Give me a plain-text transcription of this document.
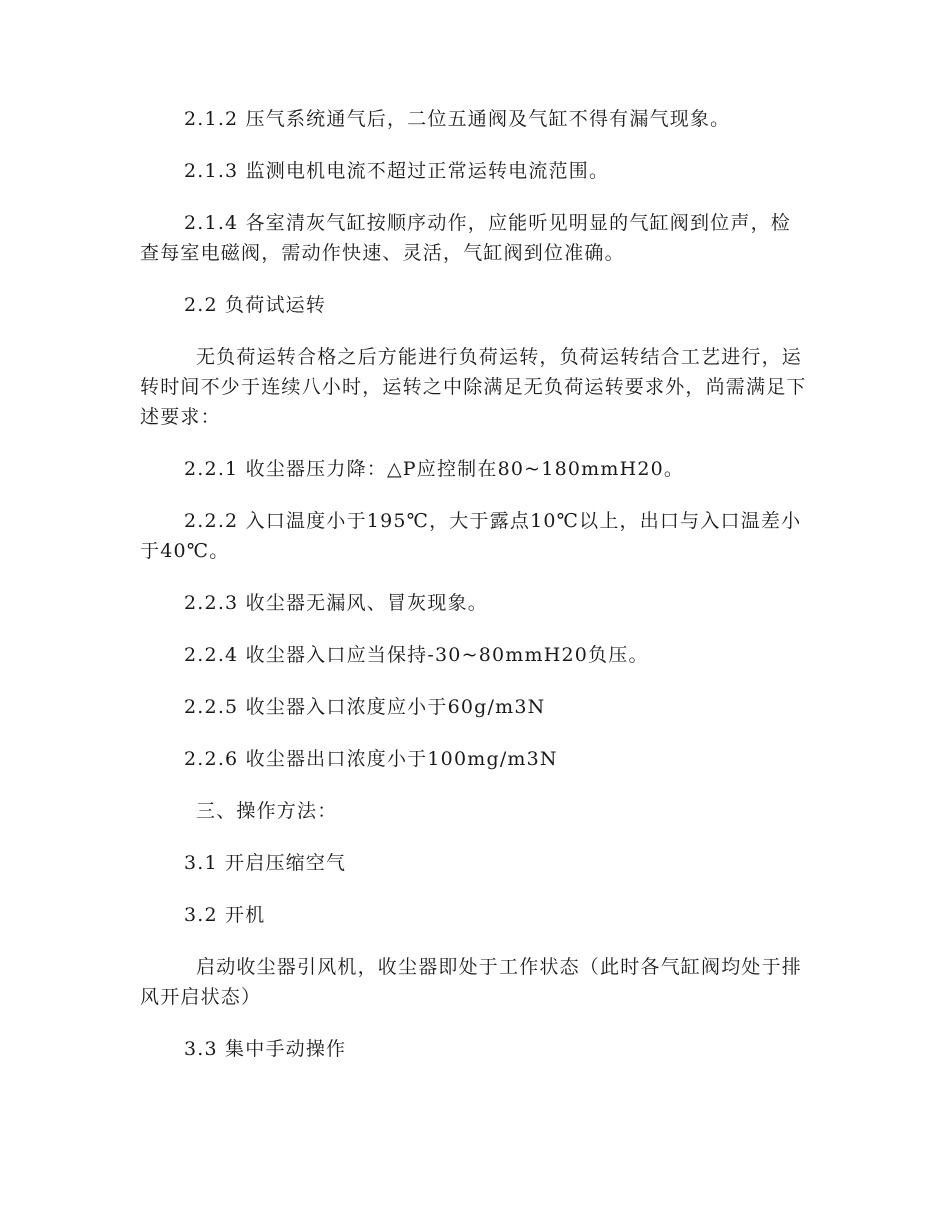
2.1.2 压气系统通气后，二位五通阀及气缸不得有漏气现象。

2.1.3 监测电机电流不超过正常运转电流范围。

2.1.4 各室清灰气缸按顺序动作，应能听见明显的气缸阀到位声，检查每室电磁阀，需动作快速、灵活，气缸阀到位准确。

2.2 负荷试运转

无负荷运转合格之后方能进行负荷运转，负荷运转结合工艺进行，运转时间不少于连续八小时，运转之中除满足无负荷运转要求外，尚需满足下述要求：

2.2.1 收尘器压力降：△P应控制在80~180mmH20。

2.2.2 入口温度小于195℃，大于露点10℃以上，出口与入口温差小于40℃。

2.2.3 收尘器无漏风、冒灰现象。

2.2.4 收尘器入口应当保持-30~80mmH20负压。

2.2.5 收尘器入口浓度应小于60g/m3N

2.2.6 收尘器出口浓度小于100mg/m3N

三、操作方法：

3.1 开启压缩空气

3.2 开机

启动收尘器引风机，收尘器即处于工作状态（此时各气缸阀均处于排风开启状态）

3.3 集中手动操作
